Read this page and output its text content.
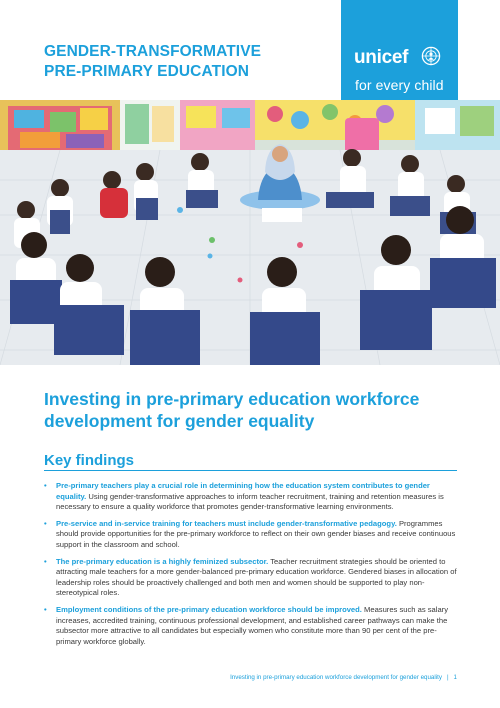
GENDER-TRANSFORMATIVE
PRE-PRIMARY EDUCATION
unicef
for every child
Investing in pre-primary education workforce
development for gender equality
Key findings
• Pre-primary teachers play a crucial role in determining how the education system contributes to gender equality. Using gender-transformative approaches to inform teacher recruitment, training and retention measures is necessary to ensure a quality workforce that promotes gender-transformative learning environments.
• Pre-service and in-service training for teachers must include gender-transformative pedagogy. Programmes should provide opportunities for the pre-primary workforce to reflect on their own gender biases and receive continuous support in the classroom and school.
• The pre-primary education is a highly feminized subsector. Teacher recruitment strategies should be oriented to attracting male teachers for a more gender-balanced pre-primary education workforce. Gendered biases in allocation of leadership roles should be proactively challenged and both men and women should be supported to play non-stereotypical roles.
• Employment conditions of the pre-primary education workforce should be improved. Measures such as salary increases, accredited training, continuous professional development, and established career pathways can make the subsector more attractive to all candidates but especially women who constitute more than 90 per cent of the pre-primary workforce globally.
Investing in pre-primary education workforce development for gender equality | 1
